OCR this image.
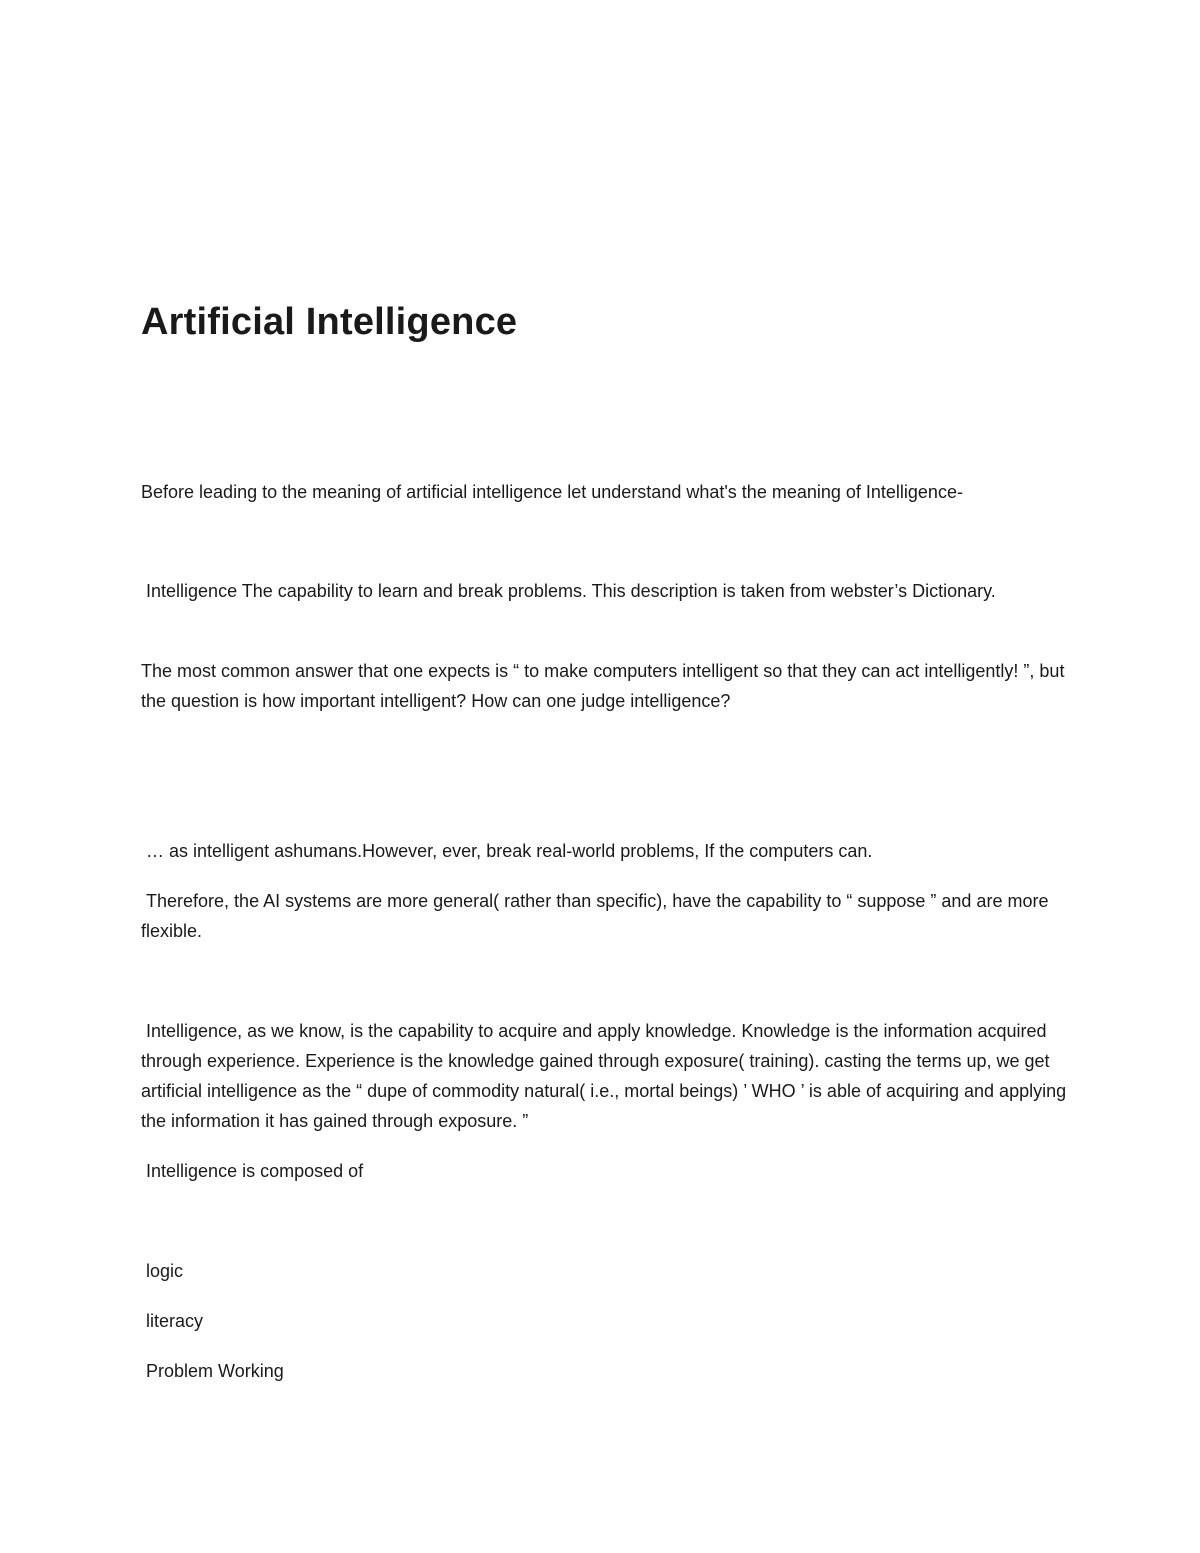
Artificial Intelligence

Before leading to the meaning of artificial intelligence let understand what's the meaning of Intelligence-

Intelligence The capability to learn and break problems. This description is taken from webster’s Dictionary.

The most common answer that one expects is “ to make computers intelligent so that they can act intelligently! ”, but the question is how important intelligent? How can one judge intelligence?

… as intelligent ashumans.However, ever, break real-world problems, If the computers can.

Therefore, the AI systems are more general( rather than specific), have the capability to “ suppose ” and are more flexible.

Intelligence, as we know, is the capability to acquire and apply knowledge. Knowledge is the information acquired through experience. Experience is the knowledge gained through exposure( training). casting the terms up, we get artificial intelligence as the “ dupe of commodity natural( i.e., mortal beings) ’ WHO ’ is able of acquiring and applying the information it has gained through exposure. ”

Intelligence is composed of

logic

literacy

Problem Working
